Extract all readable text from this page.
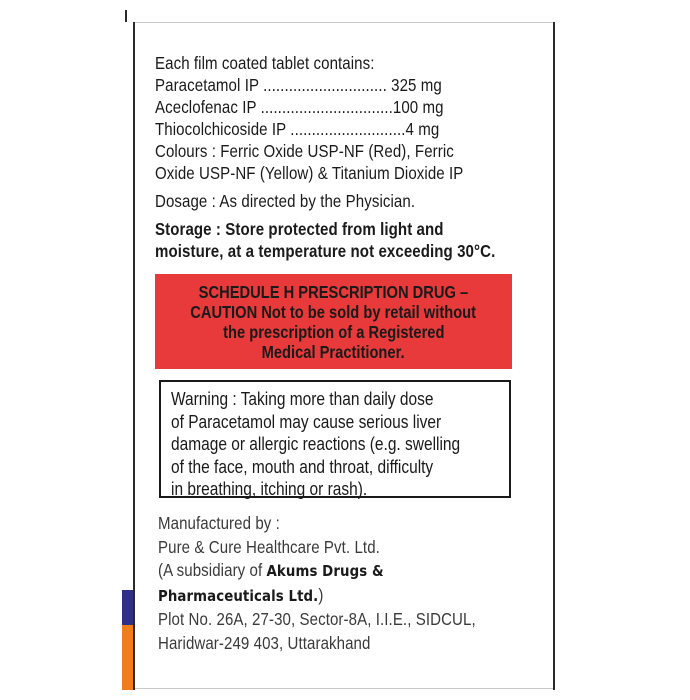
Each film coated tablet contains:
Paracetamol IP ............................. 325 mg
Aceclofenac IP ...............................100 mg
Thiocolchicoside IP ...........................4 mg
Colours : Ferric Oxide USP-NF (Red), Ferric
Oxide USP-NF (Yellow) & Titanium Dioxide IP
Dosage : As directed by the Physician.
Storage : Store protected from light and
moisture, at a temperature not exceeding 30°C.
SCHEDULE H PRESCRIPTION DRUG –
CAUTION Not to be sold by retail without
the prescription of a Registered
Medical Practitioner.
Warning : Taking more than daily dose
of Paracetamol may cause serious liver
damage or allergic reactions (e.g. swelling
of the face, mouth and throat, difficulty
in breathing, itching or rash).
Manufactured by :
Pure & Cure Healthcare Pvt. Ltd.
(A subsidiary of Akums Drugs &
Pharmaceuticals Ltd.)
Plot No. 26A, 27-30, Sector-8A, I.I.E., SIDCUL,
Haridwar-249 403, Uttarakhand
